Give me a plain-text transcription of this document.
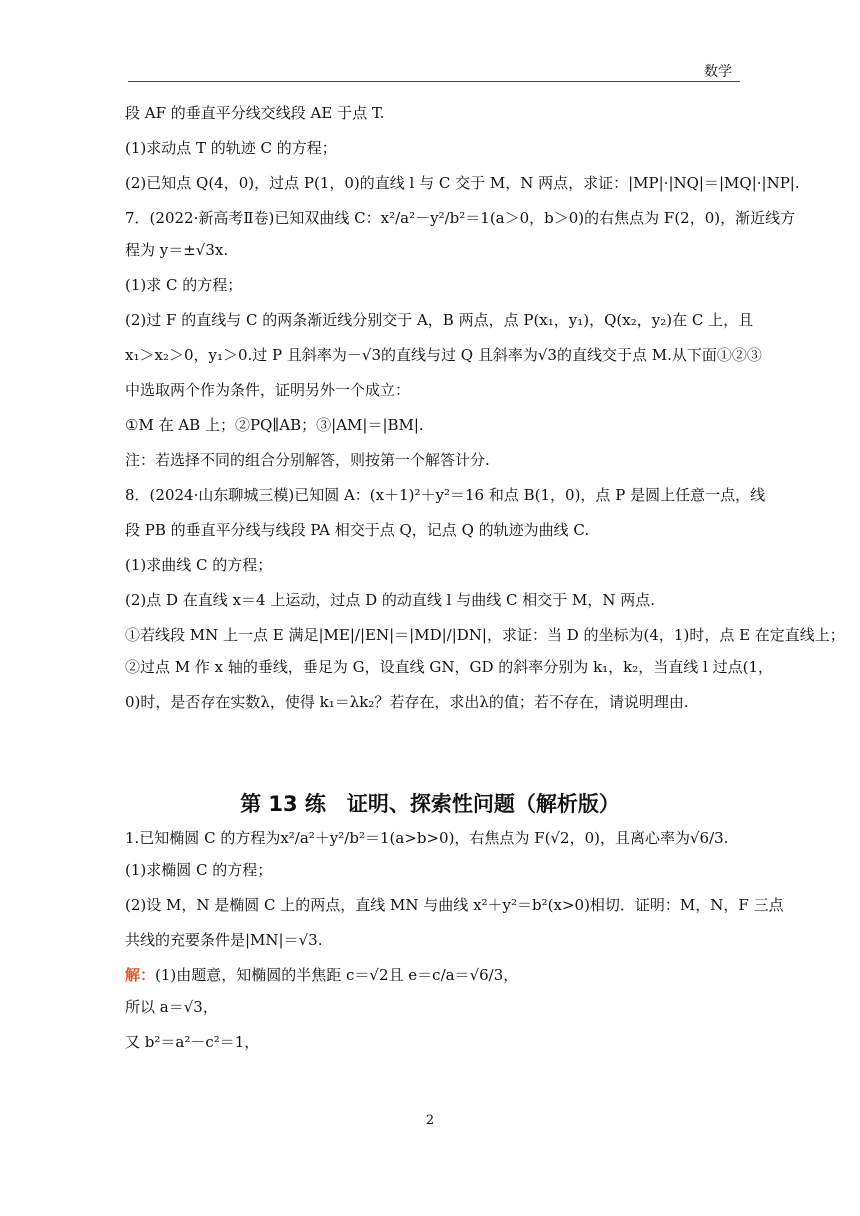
数学
段 AF 的垂直平分线交线段 AE 于点 T.
(1)求动点 T 的轨迹 C 的方程；
(2)已知点 Q(4，0)，过点 P(1，0)的直线 l 与 C 交于 M，N 两点，求证：|MP|·|NQ|＝|MQ|·|NP|.
7．(2022·新高考Ⅱ卷)已知双曲线 C：x²/a²－y²/b²＝1(a＞0，b＞0)的右焦点为 F(2，0)，渐近线方
程为 y＝±√3x.
(1)求 C 的方程；
(2)过 F 的直线与 C 的两条渐近线分别交于 A，B 两点，点 P(x₁，y₁)，Q(x₂，y₂)在 C 上，且
x₁＞x₂＞0，y₁＞0.过 P 且斜率为－√3的直线与过 Q 且斜率为√3的直线交于点 M.从下面①②③
中选取两个作为条件，证明另外一个成立：
①M 在 AB 上；②PQ∥AB；③|AM|＝|BM|.
注：若选择不同的组合分别解答，则按第一个解答计分.
8．(2024·山东聊城三模)已知圆 A：(x＋1)²＋y²＝16 和点 B(1，0)，点 P 是圆上任意一点，线
段 PB 的垂直平分线与线段 PA 相交于点 Q，记点 Q 的轨迹为曲线 C.
(1)求曲线 C 的方程；
(2)点 D 在直线 x＝4 上运动，过点 D 的动直线 l 与曲线 C 相交于 M，N 两点.
①若线段 MN 上一点 E 满足|ME|/|EN|＝|MD|/|DN|，求证：当 D 的坐标为(4，1)时，点 E 在定直线上；
②过点 M 作 x 轴的垂线，垂足为 G，设直线 GN，GD 的斜率分别为 k₁，k₂，当直线 l 过点(1，
0)时，是否存在实数λ，使得 k₁＝λk₂？若存在，求出λ的值；若不存在，请说明理由.
第 13 练　证明、探索性问题（解析版）
1.已知椭圆 C 的方程为x²/a²＋y²/b²＝1(a>b>0)，右焦点为 F(√2，0)，且离心率为√6/3.
(1)求椭圆 C 的方程；
(2)设 M，N 是椭圆 C 上的两点，直线 MN 与曲线 x²＋y²＝b²(x>0)相切．证明：M，N，F 三点
共线的充要条件是|MN|＝√3.
解：(1)由题意，知椭圆的半焦距 c＝√2且 e＝c/a＝√6/3，
所以 a＝√3，
又 b²＝a²－c²＝1，
2
